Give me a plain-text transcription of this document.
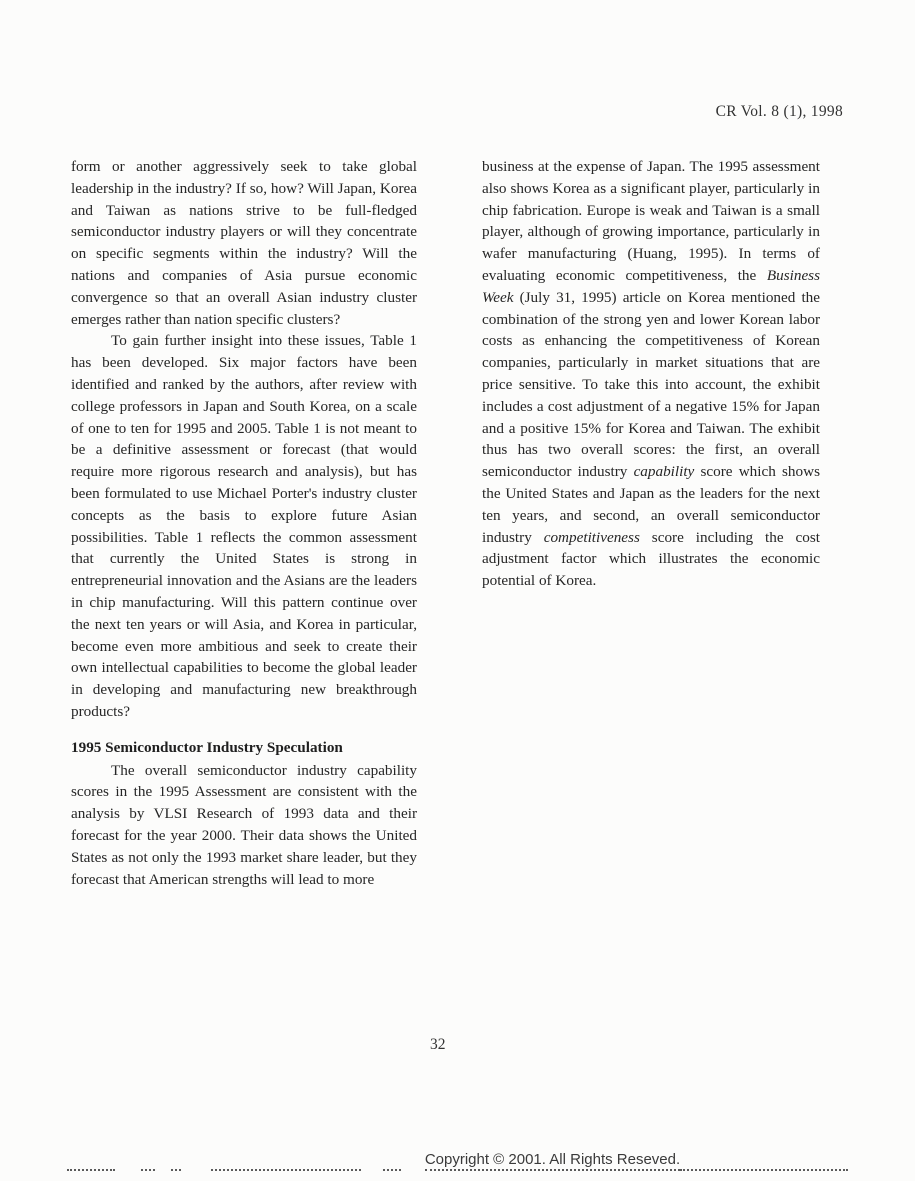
CR Vol. 8 (1), 1998

form or another aggressively seek to take global leadership in the industry? If so, how? Will Japan, Korea and Taiwan as nations strive to be full-fledged semiconductor industry players or will they concentrate on specific segments within the industry? Will the nations and companies of Asia pursue economic convergence so that an overall Asian industry cluster emerges rather than nation specific clusters?

To gain further insight into these issues, Table 1 has been developed. Six major factors have been identified and ranked by the authors, after review with college professors in Japan and South Korea, on a scale of one to ten for 1995 and 2005. Table 1 is not meant to be a definitive assessment or forecast (that would require more rigorous research and analysis), but has been formulated to use Michael Porter's industry cluster concepts as the basis to explore future Asian possibilities. Table 1 reflects the common assessment that currently the United States is strong in entrepreneurial innovation and the Asians are the leaders in chip manufacturing. Will this pattern continue over the next ten years or will Asia, and Korea in particular, become even more ambitious and seek to create their own intellectual capabilities to become the global leader in developing and manufacturing new breakthrough products?

1995 Semiconductor Industry Speculation

The overall semiconductor industry capability scores in the 1995 Assessment are consistent with the analysis by VLSI Research of 1993 data and their forecast for the year 2000. Their data shows the United States as not only the 1993 market share leader, but they forecast that American strengths will lead to more

business at the expense of Japan. The 1995 assessment also shows Korea as a significant player, particularly in chip fabrication. Europe is weak and Taiwan is a small player, although of growing importance, particularly in wafer manufacturing (Huang, 1995). In terms of evaluating economic competitiveness, the Business Week (July 31, 1995) article on Korea mentioned the combination of the strong yen and lower Korean labor costs as enhancing the competitiveness of Korean companies, particularly in market situations that are price sensitive. To take this into account, the exhibit includes a cost adjustment of a negative 15% for Japan and a positive 15% for Korea and Taiwan. The exhibit thus has two overall scores: the first, an overall semiconductor industry capability score which shows the United States and Japan as the leaders for the next ten years, and second, an overall semiconductor industry competitiveness score including the cost adjustment factor which illustrates the economic potential of Korea.

32
Copyright © 2001. All Rights Reseved.
